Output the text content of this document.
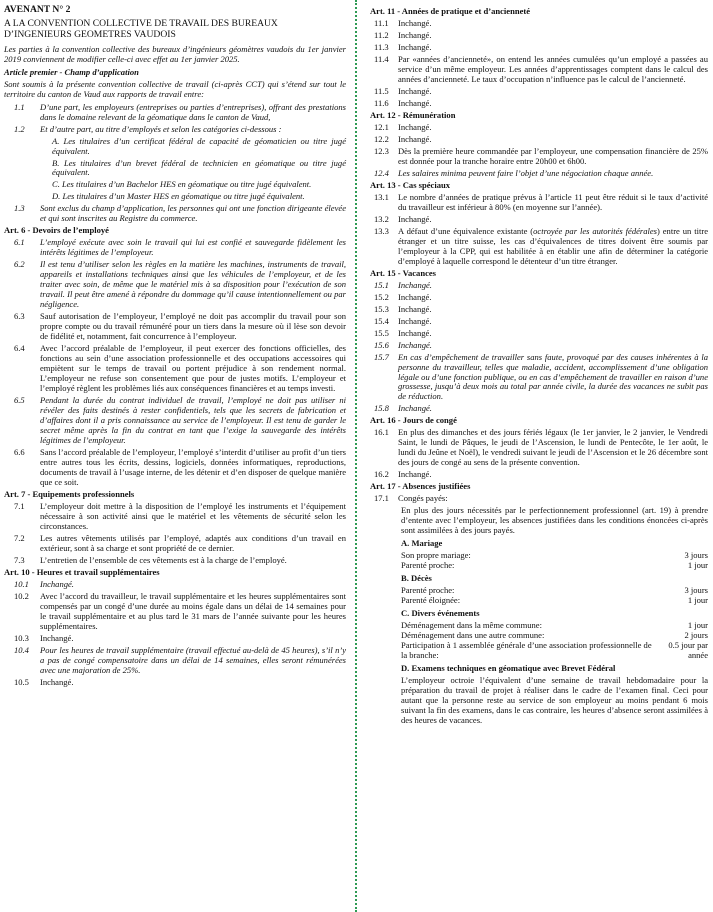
AVENANT N° 2
A LA CONVENTION COLLECTIVE DE TRAVAIL DES BUREAUX D’INGENIEURS GEOMETRES VAUDOIS
Les parties à la convention collective des bureaux d’ingénieurs géomètres vaudois du 1er janvier 2019 conviennent de modifier celle-ci avec effet au 1er janvier 2025.
Article premier - Champ d’application
Sont soumis à la présente convention collective de travail (ci-après CCT) qui s’étend sur tout le territoire du canton de Vaud aux rapports de travail entre:
1.1	D’une part, les employeurs (entreprises ou parties d’entreprises), offrant des prestations dans le domaine relevant de la géomatique dans le canton de Vaud,
1.2	Et d’autre part, au titre d’employés et selon les catégories ci-dessous :
A. Les titulaires d’un certificat fédéral de capacité de géomaticien ou titre jugé équivalent.
B. Les titulaires d’un brevet fédéral de technicien en géomatique ou titre jugé équivalent.
C. Les titulaires d’un Bachelor HES en géomatique ou titre jugé équivalent.
D. Les titulaires d’un Master HES en géomatique ou titre jugé équivalent.
1.3	Sont exclus du champ d’application, les personnes qui ont une fonction dirigeante élevée et qui sont inscrites au Registre du commerce.
Art. 6 - Devoirs de l’employé
6.1	L’employé exécute avec soin le travail qui lui est confié et sauvegarde fidèlement les intérêts légitimes de l’employeur.
6.2	Il est tenu d’utiliser selon les règles en la matière les machines, instruments de travail, appareils et installations techniques ainsi que les véhicules de l’employeur, et de les traiter avec soin, de même que le matériel mis à sa disposition pour l’exécution de son travail. Il peut être amené à répondre du dommage qu’il cause intentionnellement ou par négligence.
6.3	Sauf autorisation de l’employeur, l’employé ne doit pas accomplir du travail pour son propre compte ou du travail rémunéré pour un tiers dans la mesure où il lèse son devoir de fidélité et, notamment, fait concurrence à l’employeur.
6.4	Avec l’accord préalable de l’employeur, il peut exercer des fonctions officielles, des fonctions au sein d’une association professionnelle et des occupations accessoires qui empiètent sur le temps de travail ou portent préjudice à son rendement normal. L’employeur ne refuse son consentement que pour de justes motifs. L’employeur et l’employé règlent les problèmes liés aux conséquences financières et au temps investi.
6.5	Pendant la durée du contrat individuel de travail, l’employé ne doit pas utiliser ni révéler des faits destinés à rester confidentiels, tels que les secrets de fabrication et d’affaires dont il a pris connaissance au service de l’employeur. Il est tenu de garder le secret même après la fin du contrat en tant que l’exige la sauvegarde des intérêts légitimes de l’employeur.
6.6	Sans l’accord préalable de l’employeur, l’employé s’interdit d’utiliser au profit d’un tiers entre autres tous les écrits, dessins, logiciels, données informatiques, reproductions, documents de travail à l’usage interne, de les détenir et d’en disposer de quelque manière que ce soit.
Art. 7 - Equipements professionnels
7.1	L’employeur doit mettre à la disposition de l’employé les instruments et l’équipement nécessaire à son activité ainsi que le matériel et les vêtements de sécurité selon les circonstances.
7.2	Les autres vêtements utilisés par l’employé, adaptés aux conditions d’un travail en extérieur, sont à sa charge et sont propriété de ce dernier.
7.3	L’entretien de l’ensemble de ces vêtements est à la charge de l’employé.
Art. 10 - Heures et travail supplémentaires
10.1	Inchangé.
10.2	Avec l’accord du travailleur, le travail supplémentaire et les heures supplémentaires sont compensés par un congé d’une durée au moins égale dans un délai de 14 semaines pour le travail supplémentaire et au plus tard le 31 mars de l’année suivante pour les heures supplémentaires.
10.3	Inchangé.
10.4	Pour les heures de travail supplémentaire (travail effectué au-delà de 45 heures), s’il n’y a pas de congé compensatoire dans un délai de 14 semaines, elles seront rémunérées avec une majoration de 25%.
10.5	Inchangé.
Art. 11 - Années de pratique et d’ancienneté
11.1	Inchangé.
11.2	Inchangé.
11.3	Inchangé.
11.4	Par «années d’ancienneté», on entend les années cumulées qu’un employé a passées au service d’un même employeur. Les années d’apprentissages comptent dans le calcul des années d’ancienneté. Le taux d’occupation n’influence pas le calcul de l’ancienneté.
11.5	Inchangé.
11.6	Inchangé.
Art. 12 - Rémunération
12.1	Inchangé.
12.2	Inchangé.
12.3	Dès la première heure commandée par l’employeur, une compensation financière de 25% est donnée pour la tranche horaire entre 20h00 et 6h00.
12.4	Les salaires minima peuvent faire l’objet d’une négociation chaque année.
Art. 13 - Cas spéciaux
13.1	Le nombre d’années de pratique prévus à l’article 11 peut être réduit si le taux d’activité du travailleur est inférieur à 80% (en moyenne sur l’année).
13.2	Inchangé.
13.3	A défaut d’une équivalence existante (octroyée par les autorités fédérales) entre un titre étranger et un titre suisse, les cas d’équivalences de titres doivent être soumis par l’employeur à la CPP, qui est habilitée à en établir une afin de déterminer la catégorie d’employé à laquelle correspond le détenteur d’un titre étranger.
Art. 15 - Vacances
15.1	Inchangé.
15.2	Inchangé.
15.3	Inchangé.
15.4	Inchangé.
15.5	Inchangé.
15.6	Inchangé.
15.7	En cas d’empêchement de travailler sans faute, provoqué par des causes inhérentes à la personne du travailleur, telles que maladie, accident, accomplissement d’une obligation légale ou d’une fonction publique, ou en cas d’empêchement de travailler en raison d’une grossesse, jusqu’à deux mois au total par année civile, la durée des vacances ne subit pas de réduction.
15.8	Inchangé.
Art. 16 - Jours de congé
16.1	En plus des dimanches et des jours fériés légaux (le 1er janvier, le 2 janvier, le Vendredi Saint, le lundi de Pâques, le jeudi de l’Ascension, le lundi de Pentecôte, le 1er août, le lundi du Jeûne et Noël), le vendredi suivant le jeudi de l’Ascension et le 26 décembre sont des jours de congé au sens de la présente convention.
16.2	Inchangé.
Art. 17 - Absences justifiées
17.1	Congés payés:
En plus des jours nécessités par le perfectionnement professionnel (art. 19) à prendre d’entente avec l’employeur, les absences justifiées dans les conditions énoncées ci-après sont assimilées à des jours payés.
A. Mariage
Son propre mariage:	3 jours
Parenté proche:	1 jour
B. Décès
Parenté proche:	3 jours
Parenté éloignée:	1 jour
C. Divers événements
Déménagement dans la même commune:	1 jour
Déménagement dans une autre commune:	2 jours
Participation à 1 assemblée générale d’une association professionnelle de la branche:
0.5 jour par année
D. Examens techniques en géomatique avec Brevet Fédéral
L’employeur octroie l’équivalent d’une semaine de travail hebdomadaire pour la préparation du travail de projet à réaliser dans le cadre de l’examen final. Ceci pour autant que la personne reste au service de son employeur au moins pendant 6 mois suivant la fin des examens, dans le cas contraire, les heures d’absence seront assimilées à des heures de vacances.
